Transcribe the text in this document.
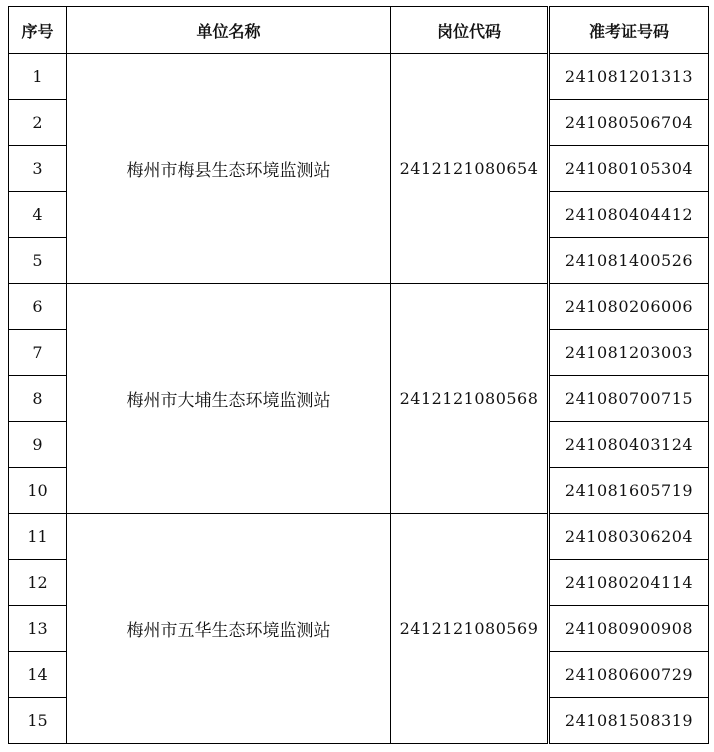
序号	单位名称	岗位代码	准考证号码
1	梅州市梅县生态环境监测站	2412121080654	241081201313
2			241080506704
3			241080105304
4			241080404412
5			241081400526
6	梅州市大埔生态环境监测站	2412121080568	241080206006
7			241081203003
8			241080700715
9			241080403124
10			241081605719
11	梅州市五华生态环境监测站	2412121080569	241080306204
12			241080204114
13			241080900908
14			241080600729
15			241081508319
